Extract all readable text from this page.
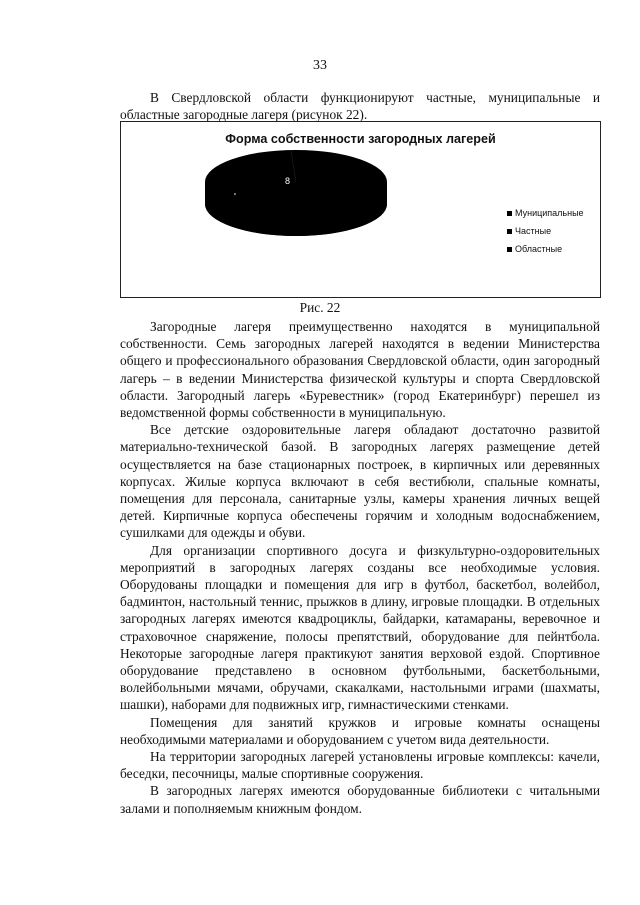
33

В Свердловской области функционируют частные, муниципальные и областные загородные лагеря (рисунок 22).

Форма собственности загородных лагерей
8
Муниципальные
Частные
Областные
Рис. 22

Загородные лагеря преимущественно находятся в муниципальной собственности. Семь загородных лагерей находятся в ведении Министерства общего и профессионального образования Свердловской области, один загородный лагерь – в ведении Министерства физической культуры и спорта Свердловской области. Загородный лагерь «Буревестник» (город Екатеринбург) перешел из ведомственной формы собственности в муниципальную.

Все детские оздоровительные лагеря обладают достаточно развитой материально-технической базой. В загородных лагерях размещение детей осуществляется на базе стационарных построек, в кирпичных или деревянных корпусах. Жилые корпуса включают в себя вестибюли, спальные комнаты, помещения для персонала, санитарные узлы, камеры хранения личных вещей детей. Кирпичные корпуса обеспечены горячим и холодным водоснабжением, сушилками для одежды и обуви.

Для организации спортивного досуга и физкультурно-оздоровительных мероприятий в загородных лагерях созданы все необходимые условия. Оборудованы площадки и помещения для игр в футбол, баскетбол, волейбол, бадминтон, настольный теннис, прыжков в длину, игровые площадки. В отдельных загородных лагерях имеются квадроциклы, байдарки, катамараны, веревочное и страховочное снаряжение, полосы препятствий, оборудование для пейнтбола. Некоторые загородные лагеря практикуют занятия верховой ездой. Спортивное оборудование представлено в основном футбольными, баскетбольными, волейбольными мячами, обручами, скакалками, настольными играми (шахматы, шашки), наборами для подвижных игр, гимнастическими стенками.

Помещения для занятий кружков и игровые комнаты оснащены необходимыми материалами и оборудованием с учетом вида деятельности.

На территории загородных лагерей установлены игровые комплексы: качели, беседки, песочницы, малые спортивные сооружения.

В загородных лагерях имеются оборудованные библиотеки с читальными залами и пополняемым книжным фондом.
